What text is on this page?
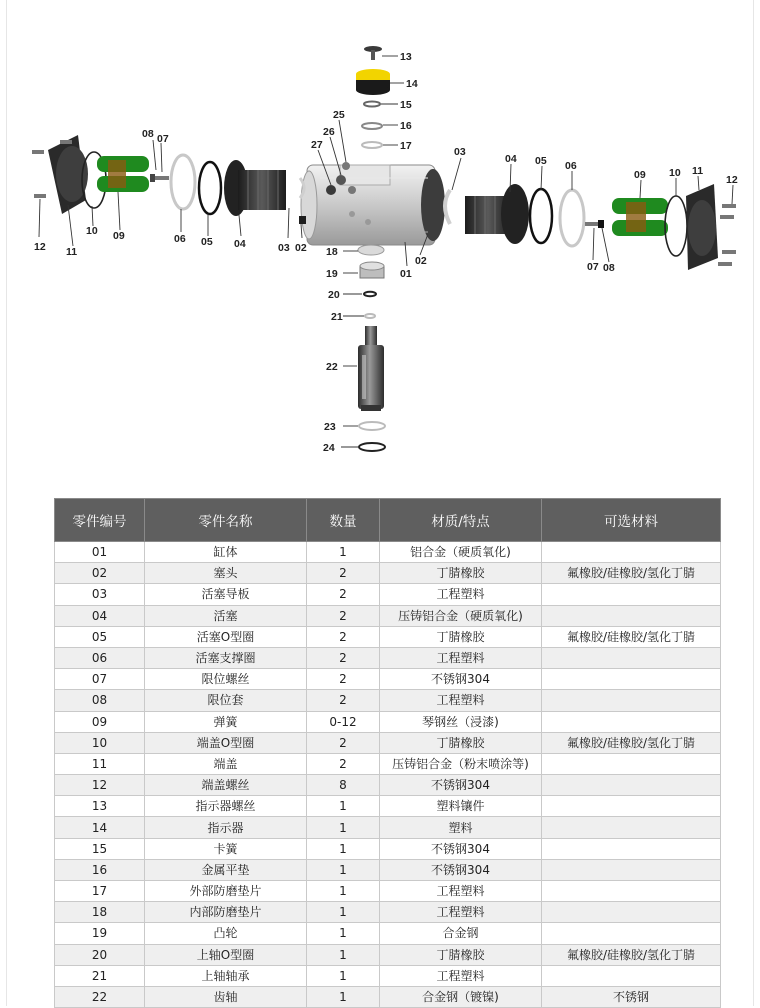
13
14
15
16
17
25
26
27
18
19
20
21
22
23
24
08 07
12 11
10 09	06 05 04	03 02
01
03
04 05 06
09 10 11
12
02	07 08
零件编号	零件名称	数量	材质/特点	可选材料
01	缸体	1	铝合金（硬质氧化)	
02	塞头	2	丁腈橡胶	氟橡胶/硅橡胶/氢化丁腈
03	活塞导板	2	工程塑料	
04	活塞	2	压铸铝合金（硬质氧化)	
05	活塞O型圈	2	丁腈橡胶	氟橡胶/硅橡胶/氢化丁腈
06	活塞支撑圈	2	工程塑料	
07	限位螺丝	2	不锈钢304	
08	限位套	2	工程塑料	
09	弹簧	0-12	琴钢丝（浸漆)	
10	端盖O型圈	2	丁腈橡胶	氟橡胶/硅橡胶/氢化丁腈
11	端盖	2	压铸铝合金（粉末喷涂等)	
12	端盖螺丝	8	不锈钢304	
13	指示器螺丝	1	塑料镶件	
14	指示器	1	塑料	
15	卡簧	1	不锈钢304	
16	金属平垫	1	不锈钢304	
17	外部防磨垫片	1	工程塑料	
18	内部防磨垫片	1	工程塑料	
19	凸轮	1	合金钢	
20	上轴O型圈	1	丁腈橡胶	氟橡胶/硅橡胶/氢化丁腈
21	上轴轴承	1	工程塑料	
22	齿轴	1	合金钢（镀镍)	不锈钢
